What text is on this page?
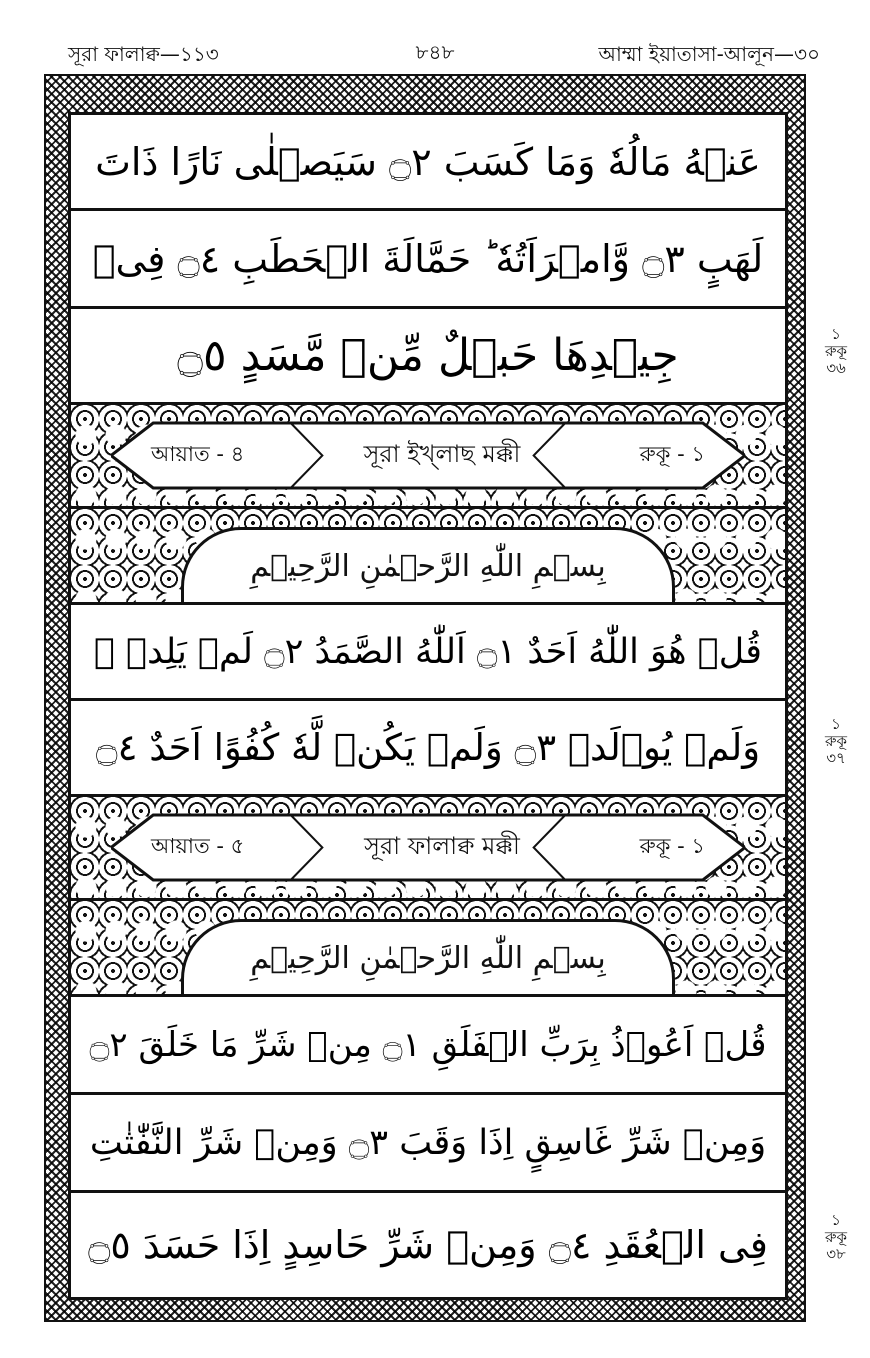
সূরা ফালাক্ব—১১৩	৮৪৮	আম্মা ইয়াতাসা-আলূন—৩০
عَنۡهُ مَالُهٗ وَمَا كَسَبَ ۝٢ سَيَصۡلٰى نَارًا ذَاتَ
لَهَبٍ ۝٣ وَّامۡرَاَتُهٗ ؕ حَمَّالَةَ الۡحَطَبِ ۝٤ فِىۡ
جِيۡدِهَا حَبۡلٌ مِّنۡ مَّسَدٍ ۝٥
আয়াত - ৪	সূরা ইখ্লাছ মক্কী	রুকূ - ১
بِسۡمِ اللّٰهِ الرَّحۡمٰنِ الرَّحِيۡمِ
قُلۡ هُوَ اللّٰهُ اَحَدٌ ۝١ اَللّٰهُ الصَّمَدُ ۝٢ لَمۡ يَلِدۡ ۙ
وَلَمۡ يُوۡلَدۡ ۝٣ وَلَمۡ يَكُنۡ لَّهٗ كُفُوًا اَحَدٌ ۝٤
আয়াত - ৫	সূরা ফালাক্ব মক্কী	রুকূ - ১
بِسۡمِ اللّٰهِ الرَّحۡمٰنِ الرَّحِيۡمِ
قُلۡ اَعُوۡذُ بِرَبِّ الۡفَلَقِ ۝١ مِنۡ شَرِّ مَا خَلَقَ ۝٢
وَمِنۡ شَرِّ غَاسِقٍ اِذَا وَقَبَ ۝٣ وَمِنۡ شَرِّ النَّفّٰثٰتِ
فِى الۡعُقَدِ ۝٤ وَمِنۡ شَرِّ حَاسِدٍ اِذَا حَسَدَ ۝٥
১
রুকূ
৩৬
১
রুকূ
৩৭
১
রুকূ
৩৮
